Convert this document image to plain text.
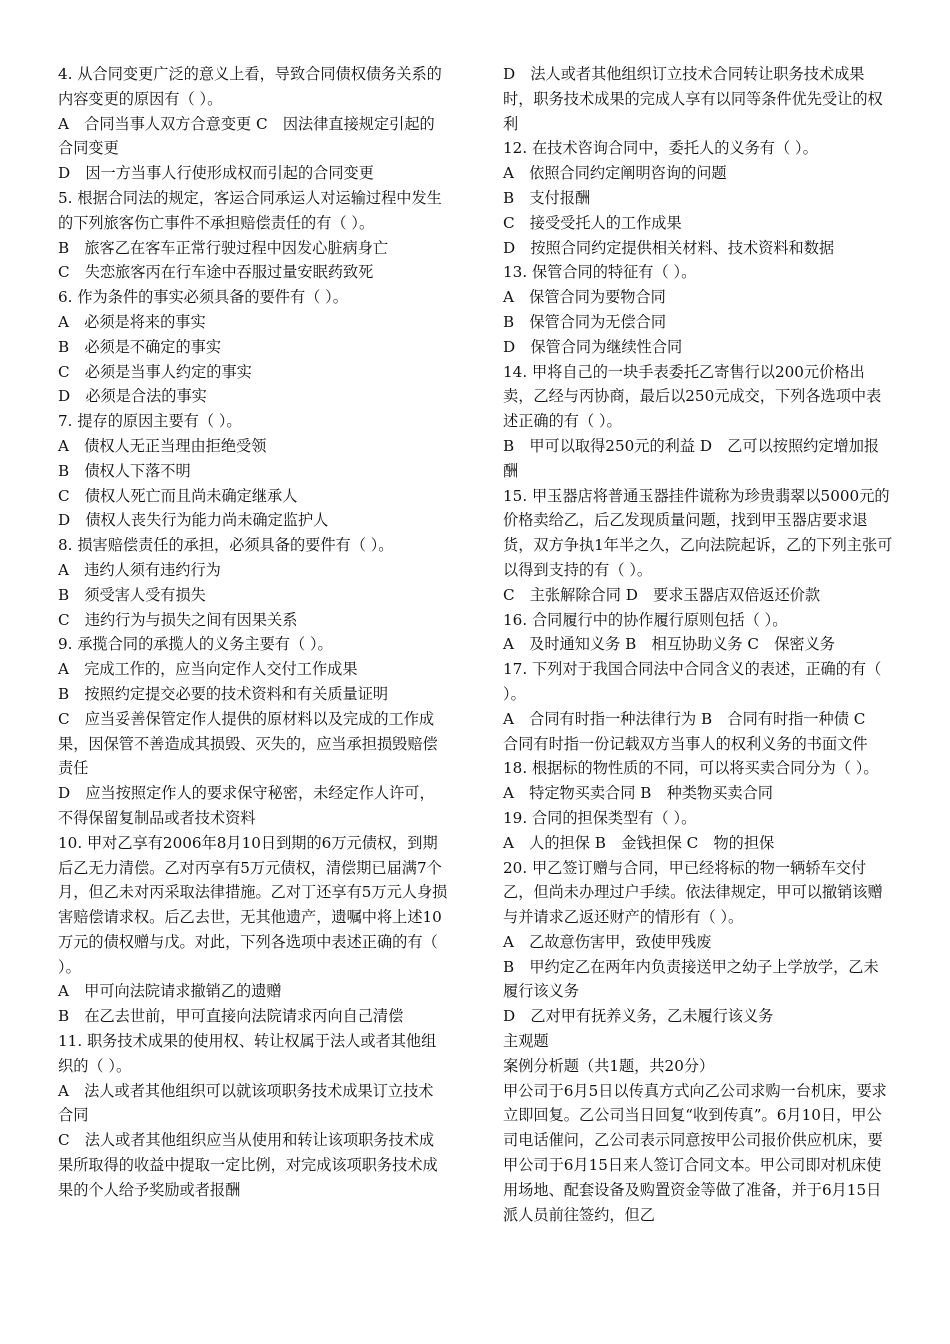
4. 从合同变更广泛的意义上看，导致合同债权债务关系的内容变更的原因有（ ）。

A　合同当事人双方合意变更 C　因法律直接规定引起的合同变更

D　因一方当事人行使形成权而引起的合同变更

5. 根据合同法的规定，客运合同承运人对运输过程中发生的下列旅客伤亡事件不承担赔偿责任的有（ ）。

B　旅客乙在客车正常行驶过程中因发心脏病身亡

C　失恋旅客丙在行车途中吞服过量安眠药致死

6. 作为条件的事实必须具备的要件有（ ）。

A　必须是将来的事实

B　必须是不确定的事实

C　必须是当事人约定的事实

D　必须是合法的事实

7. 提存的原因主要有（ ）。

A　债权人无正当理由拒绝受领

B　债权人下落不明

C　债权人死亡而且尚未确定继承人

D　债权人丧失行为能力尚未确定监护人

8. 损害赔偿责任的承担，必须具备的要件有（ ）。

A　违约人须有违约行为

B　须受害人受有损失

C　违约行为与损失之间有因果关系

9. 承揽合同的承揽人的义务主要有（ ）。

A　完成工作的，应当向定作人交付工作成果

B　按照约定提交必要的技术资料和有关质量证明

C　应当妥善保管定作人提供的原材料以及完成的工作成果，因保管不善造成其损毁、灭失的，应当承担损毁赔偿责任

D　应当按照定作人的要求保守秘密，未经定作人许可，不得保留复制品或者技术资料

10. 甲对乙享有2006年8月10日到期的6万元债权，到期后乙无力清偿。乙对丙享有5万元债权，清偿期已届满7个月，但乙未对丙采取法律措施。乙对丁还享有5万元人身损害赔偿请求权。后乙去世，无其他遗产，遗嘱中将上述10万元的债权赠与戊。对此，下列各选项中表述正确的有（ ）。

A　甲可向法院请求撤销乙的遗赠

B　在乙去世前，甲可直接向法院请求丙向自己清偿

11. 职务技术成果的使用权、转让权属于法人或者其他组织的（ ）。

A　法人或者其他组织可以就该项职务技术成果订立技术合同

C　法人或者其他组织应当从使用和转让该项职务技术成果所取得的收益中提取一定比例，对完成该项职务技术成果的个人给予奖励或者报酬

D　法人或者其他组织订立技术合同转让职务技术成果时，职务技术成果的完成人享有以同等条件优先受让的权利

12. 在技术咨询合同中，委托人的义务有（ ）。

A　依照合同约定阐明咨询的问题

B　支付报酬

C　接受受托人的工作成果

D　按照合同约定提供相关材料、技术资料和数据

13. 保管合同的特征有（ ）。

A　保管合同为要物合同

B　保管合同为无偿合同

D　保管合同为继续性合同

14. 甲将自己的一块手表委托乙寄售行以200元价格出卖，乙经与丙协商，最后以250元成交，下列各选项中表述正确的有（ ）。

B　甲可以取得250元的利益 D　乙可以按照约定增加报酬

15. 甲玉器店将普通玉器挂件谎称为珍贵翡翠以5000元的价格卖给乙，后乙发现质量问题，找到甲玉器店要求退货，双方争执1年半之久，乙向法院起诉，乙的下列主张可以得到支持的有（ ）。

C　主张解除合同 D　要求玉器店双倍返还价款

16. 合同履行中的协作履行原则包括（ ）。

A　及时通知义务 B　相互协助义务 C　保密义务

17. 下列对于我国合同法中合同含义的表述，正确的有（ ）。

A　合同有时指一种法律行为 B　合同有时指一种债 C　合同有时指一份记载双方当事人的权利义务的书面文件

18. 根据标的物性质的不同，可以将买卖合同分为（ ）。

A　特定物买卖合同 B　种类物买卖合同

19. 合同的担保类型有（ ）。

A　人的担保 B　金钱担保 C　物的担保

20. 甲乙签订赠与合同，甲已经将标的物一辆轿车交付乙，但尚未办理过户手续。依法律规定，甲可以撤销该赠与并请求乙返还财产的情形有（ ）。

A　乙故意伤害甲，致使甲残废

B　甲约定乙在两年内负责接送甲之幼子上学放学，乙未履行该义务

D　乙对甲有抚养义务，乙未履行该义务

主观题

案例分析题（共1题，共20分）

甲公司于6月5日以传真方式向乙公司求购一台机床，要求立即回复。乙公司当日回复“收到传真”。6月10日，甲公司电话催问，乙公司表示同意按甲公司报价供应机床，要甲公司于6月15日来人签订合同文本。甲公司即对机床使用场地、配套设备及购置资金等做了准备，并于6月15日派人员前往签约，但乙
